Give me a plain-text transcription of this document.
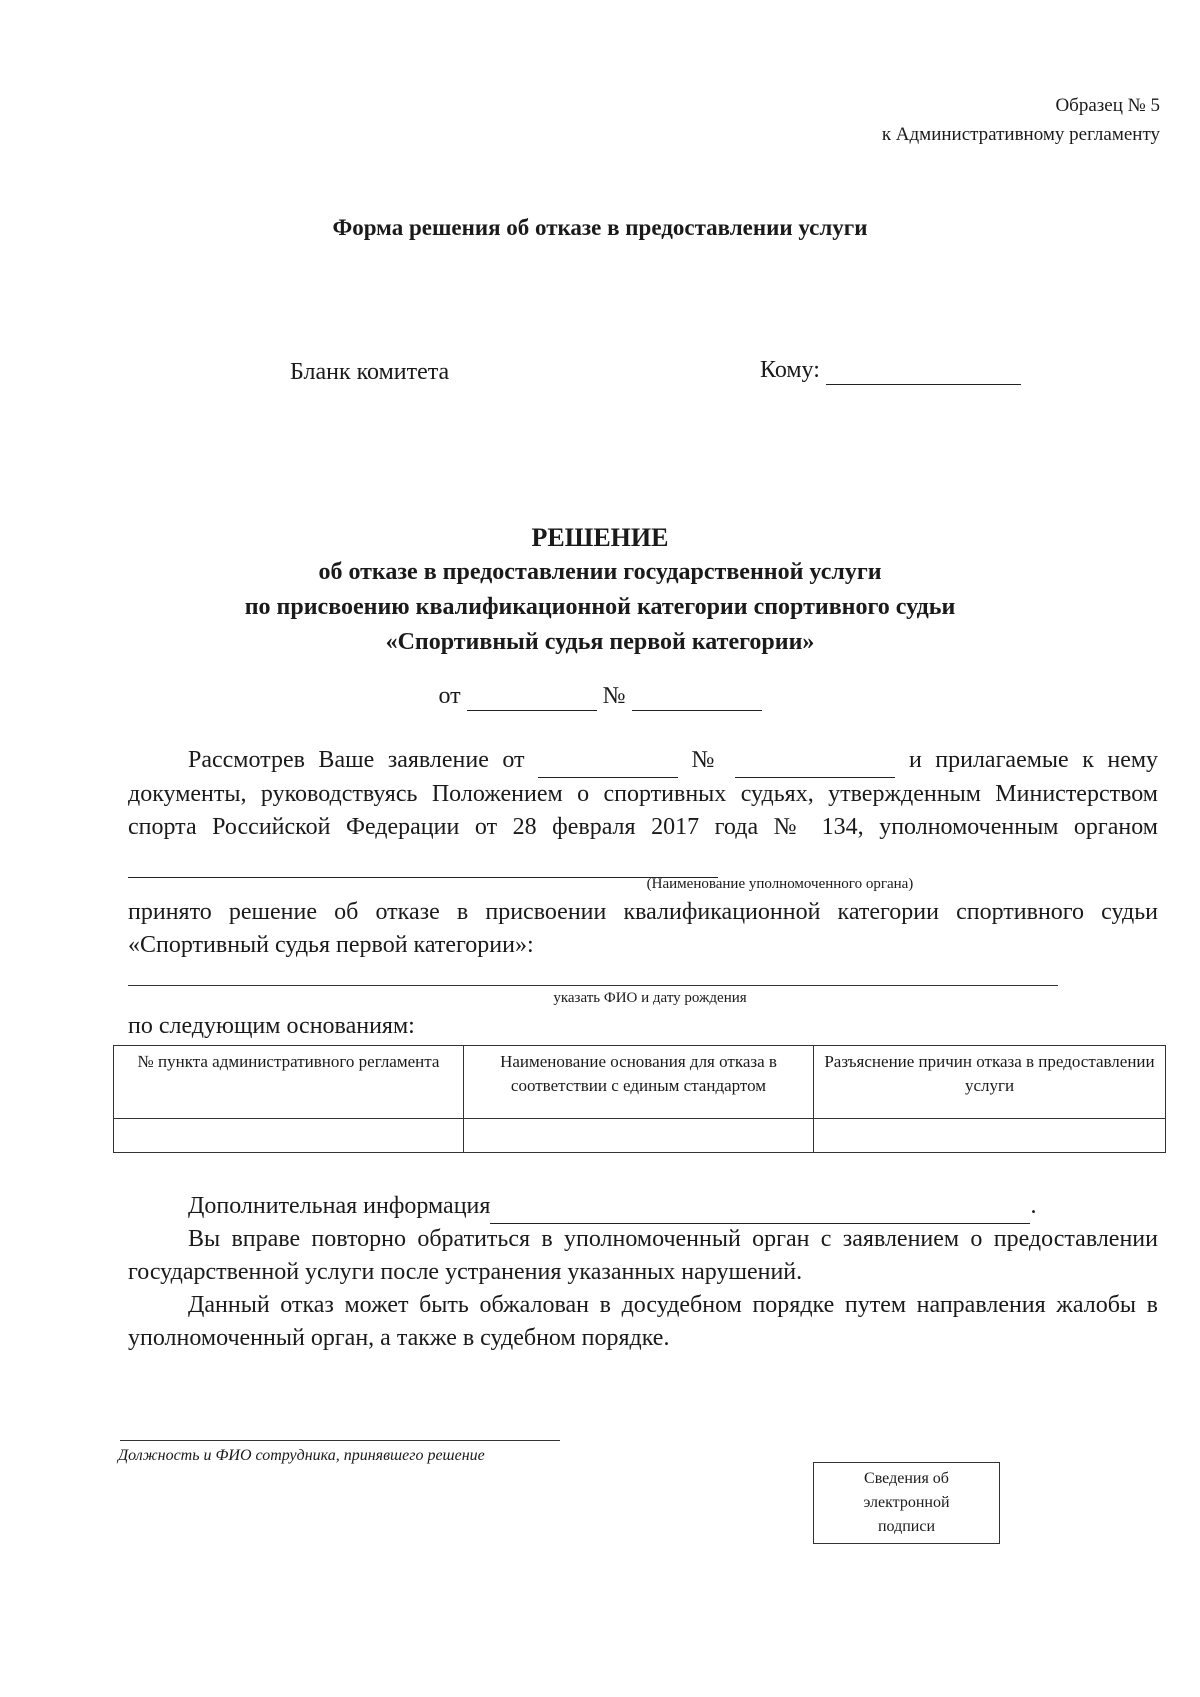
Образец № 5
к Административному регламенту
Форма решения об отказе в предоставлении услуги
Бланк комитета	Кому:
РЕШЕНИЕ
об отказе в предоставлении государственной услуги
по присвоению квалификационной категории спортивного судьи
«Спортивный судья первой категории»
от	№
Рассмотрев Ваше заявление от	№	и прилагаемые к нему документы, руководствуясь Положением о спортивных судьях, утвержденным Министерством спорта Российской Федерации от 28 февраля 2017 года № 134, уполномоченным органом
(Наименование уполномоченного органа)
принято решение об отказе в присвоении квалификационной категории спортивного судьи «Спортивный судья первой категории»:
указать ФИО и дату рождения
по следующим основаниям:
№ пункта административного регламента	Наименование основания для отказа в соответствии с единым стандартом	Разъяснение причин отказа в предоставлении услуги

Дополнительная информация	.
Вы вправе повторно обратиться в уполномоченный орган с заявлением о предоставлении государственной услуги после устранения указанных нарушений.
Данный отказ может быть обжалован в досудебном порядке путем направления жалобы в уполномоченный орган, а также в судебном порядке.
Должность и ФИО сотрудника, принявшего решение
Сведения об
электронной
подписи
